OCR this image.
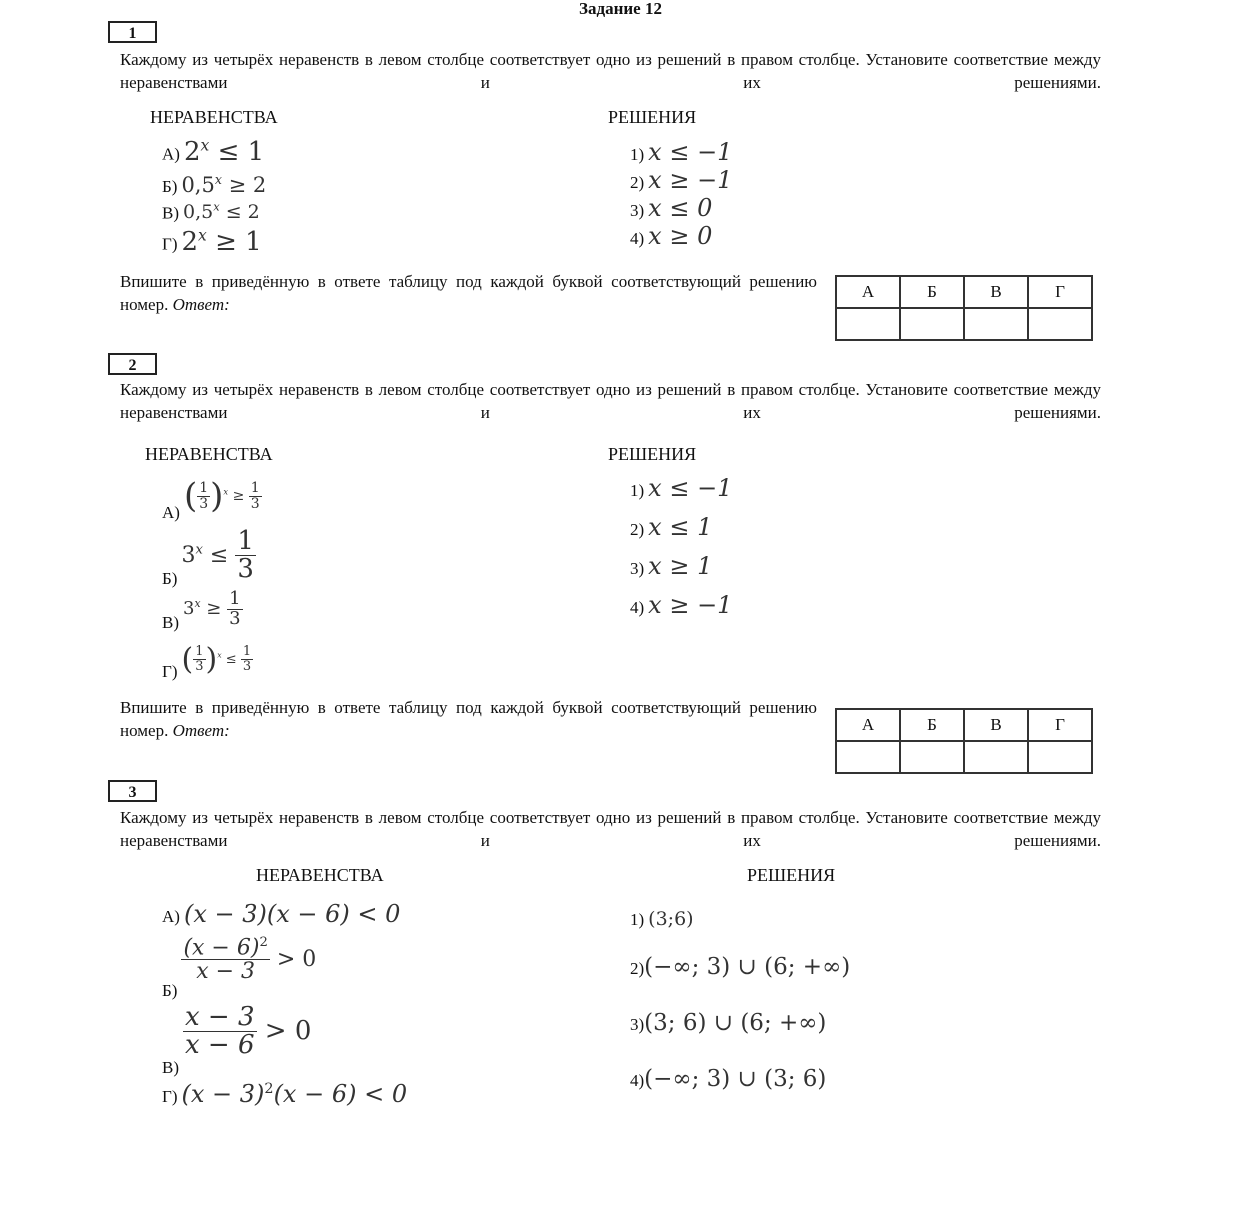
Задание 12
1
Каждому из четырёх неравенств в левом столбце соответствует одно из решений в правом столбце. Установите соответствие между неравенствами и их решениями.
НЕРАВЕНСТВА	РЕШЕНИЯ
А) $2^x \le 1$
Б) $0,5^x \ge 2$
В) $0,5^x \le 2$
Г) $2^x \ge 1$
1) x ≤ −1
2) x ≥ −1
3) x ≤ 0
4) x ≥ 0
Впишите в приведённую в ответе таблицу под каждой буквой соответствующий решению номер. Ответ:
А	Б	В	Г

2
Каждому из четырёх неравенств в левом столбце соответствует одно из решений в правом столбце. Установите соответствие между неравенствами и их решениями.
НЕРАВЕНСТВА	РЕШЕНИЯ
А) ( $\frac{1}{3} )^x \ge \frac{1}{3}$
Б) $3^x \le \frac{1}{3}$
В) $3^x \ge \frac{1}{3}$
Г) ( $\frac{1}{3} )^x \le \frac{1}{3}$
1) x ≤ −1
2) x ≤ 1
3) x ≥ 1
4) x ≥ −1
Впишите в приведённую в ответе таблицу под каждой буквой соответствующий решению номер. Ответ:	А	Б	В	Г

3
Каждому из четырёх неравенств в левом столбце соответствует одно из решений в правом столбце. Установите соответствие между неравенствами и их решениями.
НЕРАВЕНСТВА	РЕШЕНИЯ
А) (x − 3)(x − 6) < 0
Б)
$\frac{(x - 6)^2}{x - 3} > 0$
В)
$\frac{x - 3}{x - 6} > 0$
Г) $(x - 3)^2(x - 6) < 0$
1) (3;6)
2)(−∞; 3) ∪ (6; +∞)
3)(3; 6) ∪ (6; +∞)
4)(−∞; 3) ∪ (3; 6)
